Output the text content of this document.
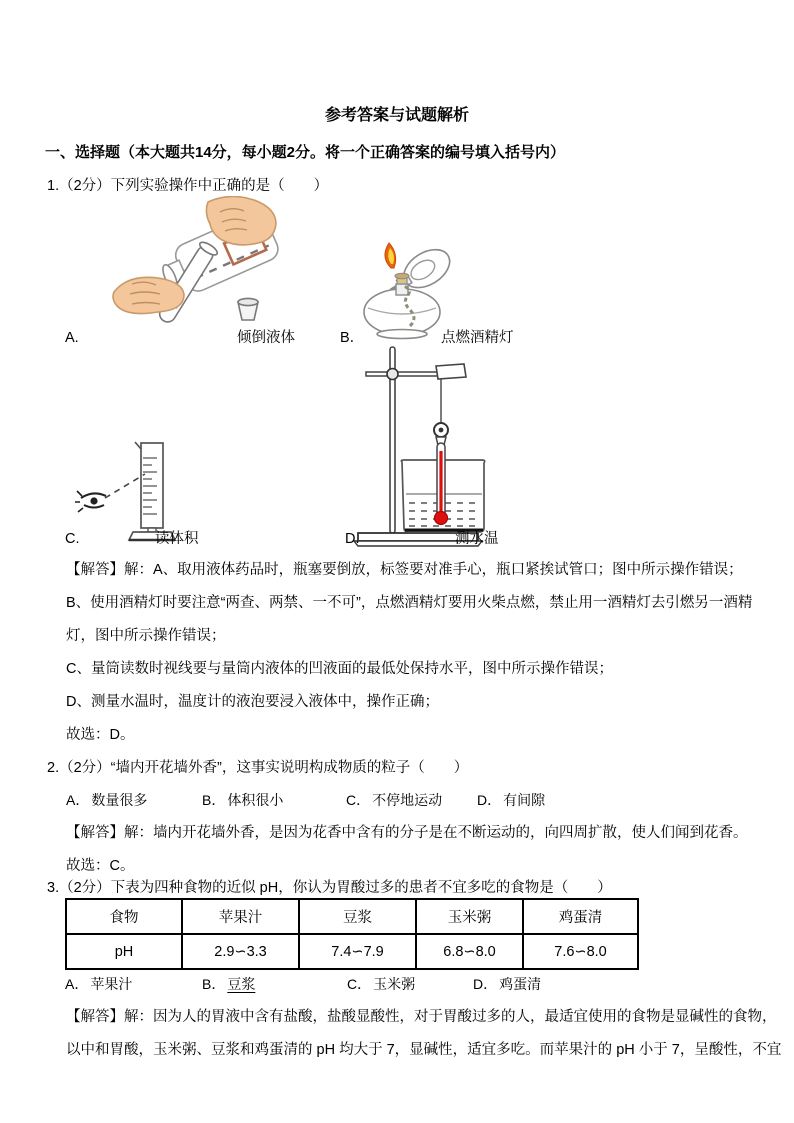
参考答案与试题解析
一、选择题（本大题共14分，每小题2分。将一个正确答案的编号填入括号内）
1.（2分）下列实验操作中正确的是（　　）
A.	倾倒液体	B．	点燃酒精灯
C.	读体积	D.	测水温
【解答】解：A、取用液体药品时，瓶塞要倒放，标签要对准手心，瓶口紧挨试管口；图中所示操作错误；
B、使用酒精灯时要注意“两查、两禁、一不可”，点燃酒精灯要用火柴点燃，禁止用一酒精灯去引燃另一酒精
灯，图中所示操作错误；
C、量筒读数时视线要与量筒内液体的凹液面的最低处保持水平，图中所示操作错误；
D、测量水温时，温度计的液泡要浸入液体中，操作正确；
故选：D。
2.（2分）“墙内开花墙外香”，这事实说明构成物质的粒子（　　）
A． 数量很多	B． 体积很小	C． 不停地运动 D． 有间隙
【解答】解：墙内开花墙外香，是因为花香中含有的分子是在不断运动的，向四周扩散，使人们闻到花香。
故选：C。
3.（2分）下表为四种食物的近似 pH，你认为胃酸过多的患者不宜多吃的食物是（　　）
食物	苹果汁	豆浆	玉米粥	鸡蛋清
pH	2.9∽3.3	7.4∽7.9	6.8∽8.0	7.6∽8.0
A． 苹果汁	B． 豆浆	C． 玉米粥	D． 鸡蛋清
【解答】解：因为人的胃液中含有盐酸，盐酸显酸性，对于胃酸过多的人，最适宜使用的食物是显碱性的食物，
以中和胃酸，玉米粥、豆浆和鸡蛋清的 pH 均大于 7，显碱性，适宜多吃。而苹果汁的 pH 小于 7，呈酸性，不宜
